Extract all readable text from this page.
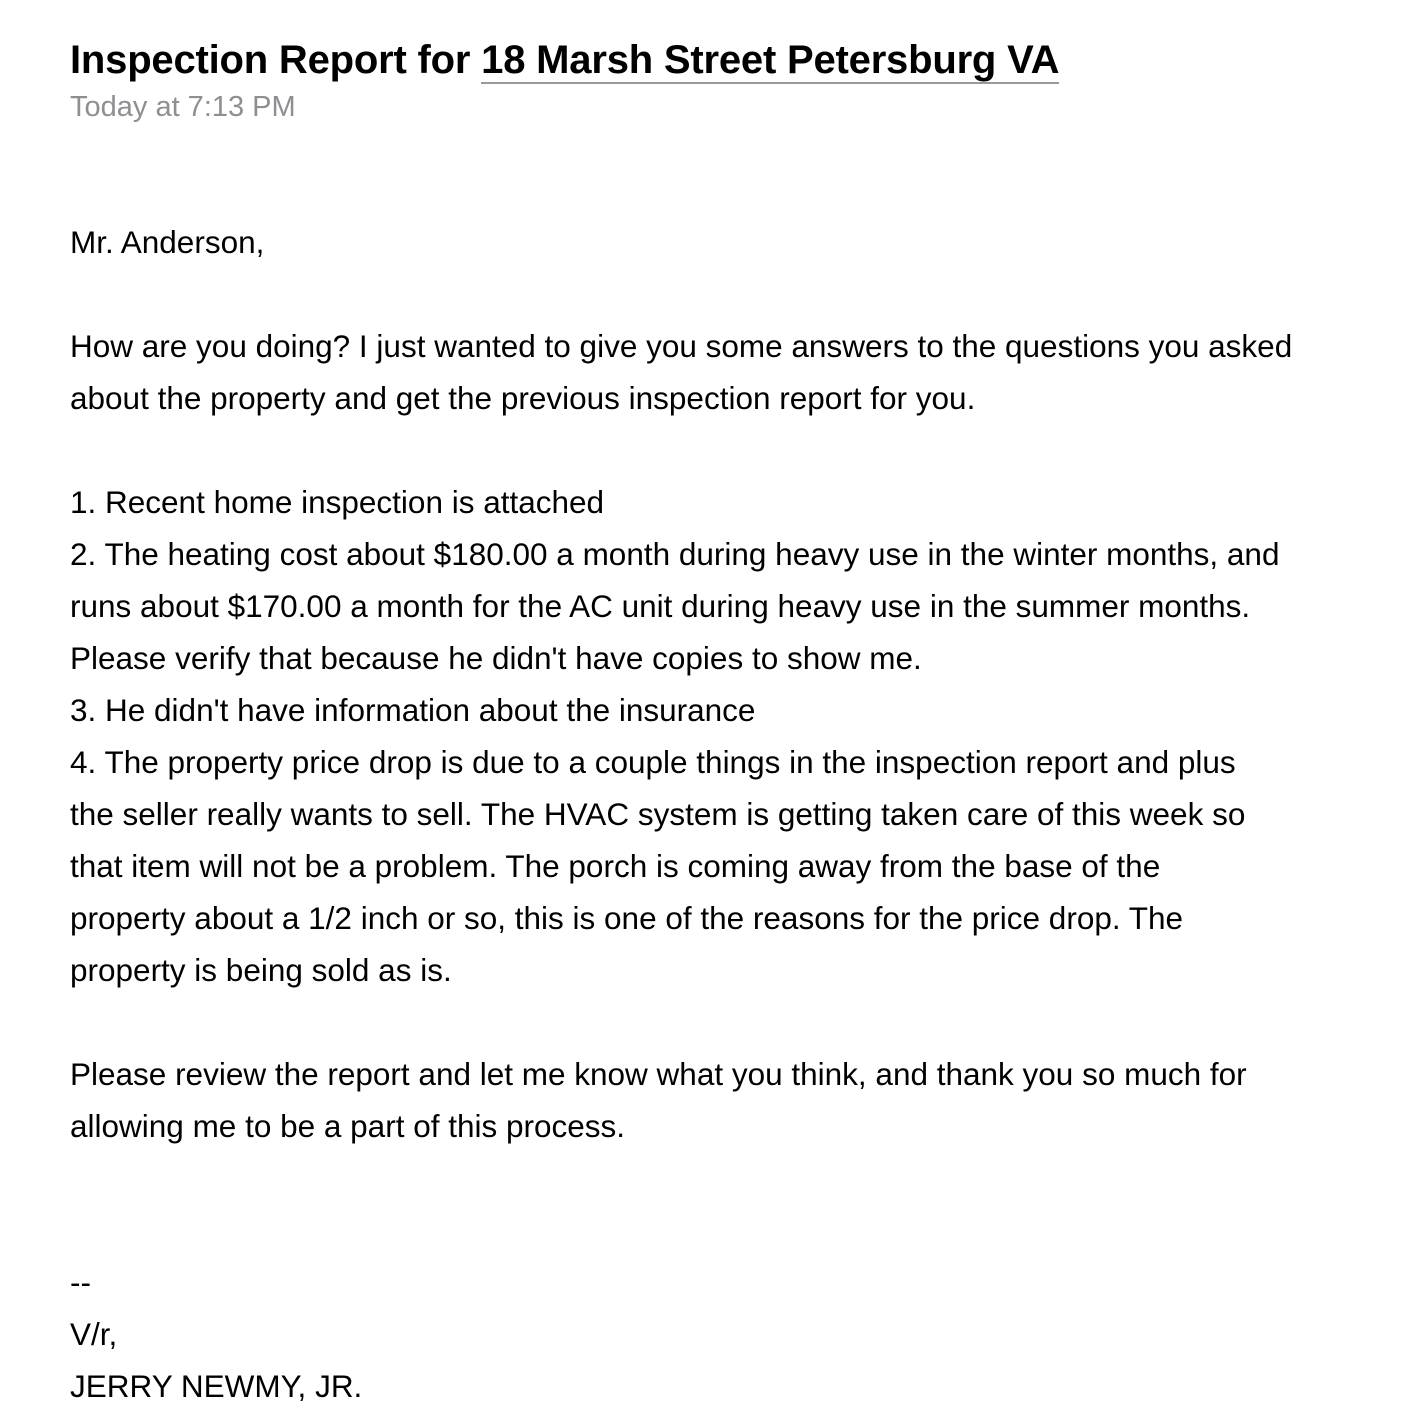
Inspection Report for 18 Marsh Street Petersburg VA
Today at 7:13 PM
Mr. Anderson,
How are you doing? I just wanted to give you some answers to the questions you asked
about the property and get the previous inspection report for you.
1. Recent home inspection is attached
2. The heating cost about $180.00 a month during heavy use in the winter months, and
runs about $170.00 a month for the AC unit during heavy use in the summer months.
Please verify that because he didn't have copies to show me.
3. He didn't have information about the insurance
4. The property price drop is due to a couple things in the inspection report and plus
the seller really wants to sell. The HVAC system is getting taken care of this week so
that item will not be a problem. The porch is coming away from the base of the
property about a 1/2 inch or so, this is one of the reasons for the price drop. The
property is being sold as is.
Please review the report and let me know what you think, and thank you so much for
allowing me to be a part of this process.
--
V/r,
JERRY NEWMY, JR.
